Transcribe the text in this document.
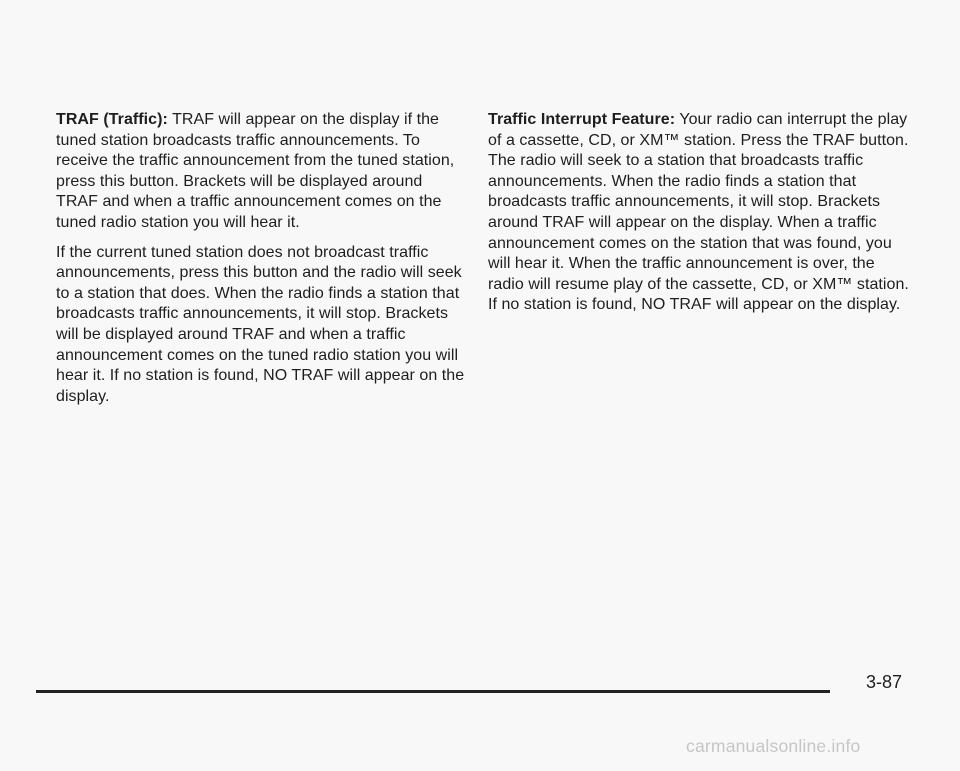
TRAF (Traffic): TRAF will appear on the display if the tuned station broadcasts traffic announcements. To receive the traffic announcement from the tuned station, press this button. Brackets will be displayed around TRAF and when a traffic announcement comes on the tuned radio station you will hear it.

If the current tuned station does not broadcast traffic announcements, press this button and the radio will seek to a station that does. When the radio finds a station that broadcasts traffic announcements, it will stop. Brackets will be displayed around TRAF and when a traffic announcement comes on the tuned radio station you will hear it. If no station is found, NO TRAF will appear on the display.

Traffic Interrupt Feature: Your radio can interrupt the play of a cassette, CD, or XM™ station. Press the TRAF button. The radio will seek to a station that broadcasts traffic announcements. When the radio finds a station that broadcasts traffic announcements, it will stop. Brackets around TRAF will appear on the display. When a traffic announcement comes on the station that was found, you will hear it. When the traffic announcement is over, the radio will resume play of the cassette, CD, or XM™ station. If no station is found, NO TRAF will appear on the display.

3-87
carmanualsonline.info
